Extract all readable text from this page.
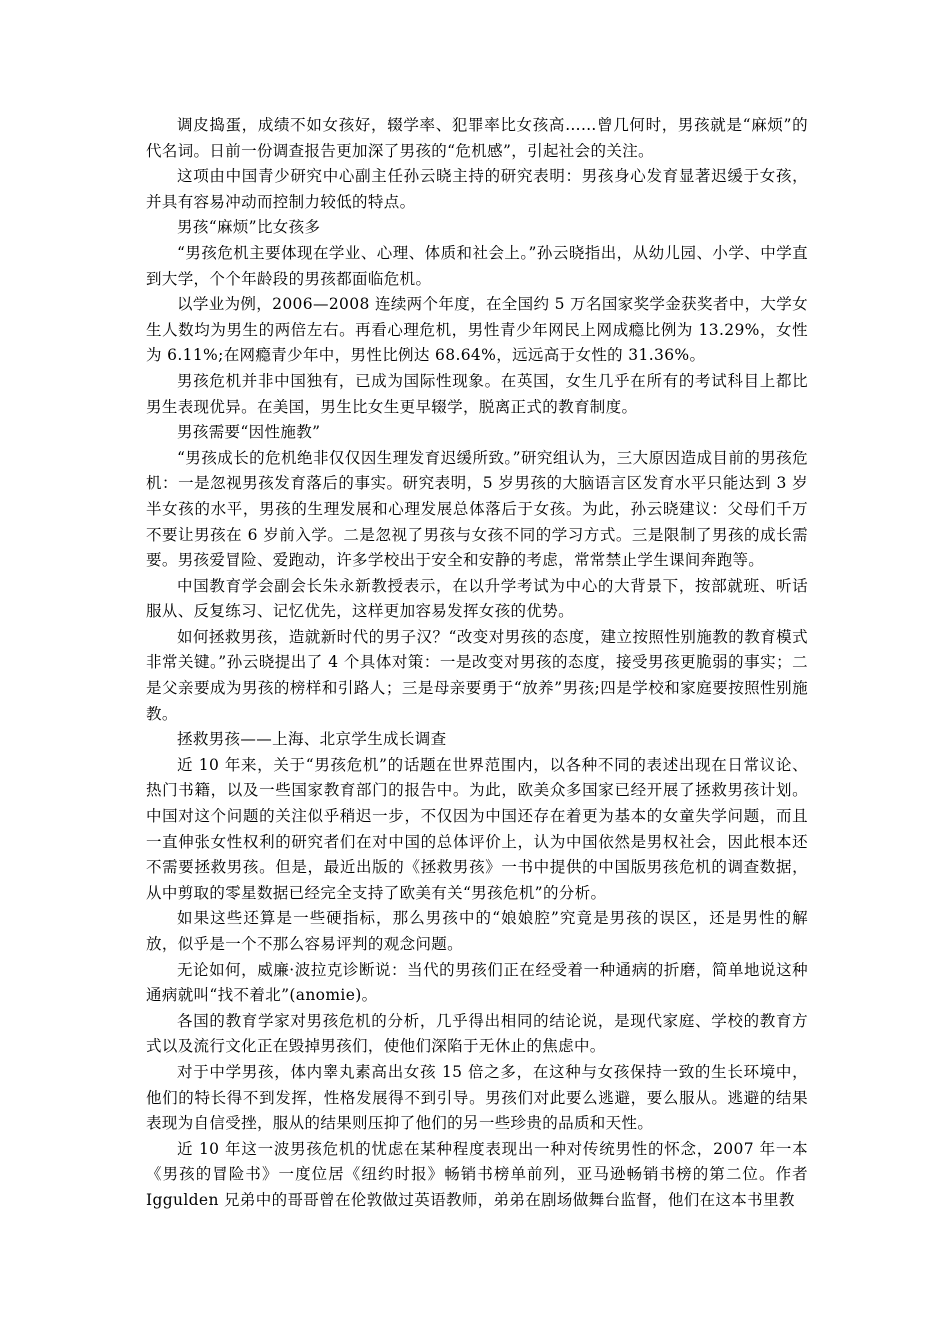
调皮捣蛋，成绩不如女孩好，辍学率、犯罪率比女孩高……曾几何时，男孩就是“麻烦”的代名词。日前一份调查报告更加深了男孩的“危机感”，引起社会的关注。

这项由中国青少研究中心副主任孙云晓主持的研究表明：男孩身心发育显著迟缓于女孩，并具有容易冲动而控制力较低的特点。

男孩“麻烦”比女孩多

“男孩危机主要体现在学业、心理、体质和社会上。”孙云晓指出，从幼儿园、小学、中学直到大学，个个年龄段的男孩都面临危机。

以学业为例，2006—2008 连续两个年度，在全国约 5 万名国家奖学金获奖者中，大学女生人数均为男生的两倍左右。再看心理危机，男性青少年网民上网成瘾比例为 13.29%，女性为 6.11%;在网瘾青少年中，男性比例达 68.64%，远远高于女性的 31.36%。

男孩危机并非中国独有，已成为国际性现象。在英国，女生几乎在所有的考试科目上都比男生表现优异。在美国，男生比女生更早辍学，脱离正式的教育制度。

男孩需要“因性施教”

“男孩成长的危机绝非仅仅因生理发育迟缓所致。”研究组认为，三大原因造成目前的男孩危机：一是忽视男孩发育落后的事实。研究表明，5 岁男孩的大脑语言区发育水平只能达到 3 岁半女孩的水平，男孩的生理发展和心理发展总体落后于女孩。为此，孙云晓建议：父母们千万不要让男孩在 6 岁前入学。二是忽视了男孩与女孩不同的学习方式。三是限制了男孩的成长需要。男孩爱冒险、爱跑动，许多学校出于安全和安静的考虑，常常禁止学生课间奔跑等。

中国教育学会副会长朱永新教授表示，在以升学考试为中心的大背景下，按部就班、听话服从、反复练习、记忆优先，这样更加容易发挥女孩的优势。

如何拯救男孩，造就新时代的男子汉？“改变对男孩的态度，建立按照性别施教的教育模式非常关键。”孙云晓提出了 4 个具体对策：一是改变对男孩的态度，接受男孩更脆弱的事实；二是父亲要成为男孩的榜样和引路人；三是母亲要勇于“放养”男孩;四是学校和家庭要按照性别施教。

拯救男孩——上海、北京学生成长调查

近 10 年来，关于“男孩危机”的话题在世界范围内，以各种不同的表述出现在日常议论、热门书籍，以及一些国家教育部门的报告中。为此，欧美众多国家已经开展了拯救男孩计划。中国对这个问题的关注似乎稍迟一步，不仅因为中国还存在着更为基本的女童失学问题，而且一直伸张女性权利的研究者们在对中国的总体评价上，认为中国依然是男权社会，因此根本还不需要拯救男孩。但是，最近出版的《拯救男孩》一书中提供的中国版男孩危机的调查数据，从中剪取的零星数据已经完全支持了欧美有关“男孩危机”的分析。

如果这些还算是一些硬指标，那么男孩中的“娘娘腔”究竟是男孩的误区，还是男性的解放，似乎是一个不那么容易评判的观念问题。

无论如何，威廉·波拉克诊断说：当代的男孩们正在经受着一种通病的折磨，简单地说这种通病就叫“找不着北”(anomie)。

各国的教育学家对男孩危机的分析，几乎得出相同的结论说，是现代家庭、学校的教育方式以及流行文化正在毁掉男孩们，使他们深陷于无休止的焦虑中。

对于中学男孩，体内睾丸素高出女孩 15 倍之多，在这种与女孩保持一致的生长环境中，他们的特长得不到发挥，性格发展得不到引导。男孩们对此要么逃避，要么服从。逃避的结果表现为自信受挫，服从的结果则压抑了他们的另一些珍贵的品质和天性。

近 10 年这一波男孩危机的忧虑在某种程度表现出一种对传统男性的怀念，2007 年一本《男孩的冒险书》一度位居《纽约时报》畅销书榜单前列，亚马逊畅销书榜的第二位。作者 Iggulden 兄弟中的哥哥曾在伦敦做过英语教师，弟弟在剧场做舞台监督，他们在这本书里教
